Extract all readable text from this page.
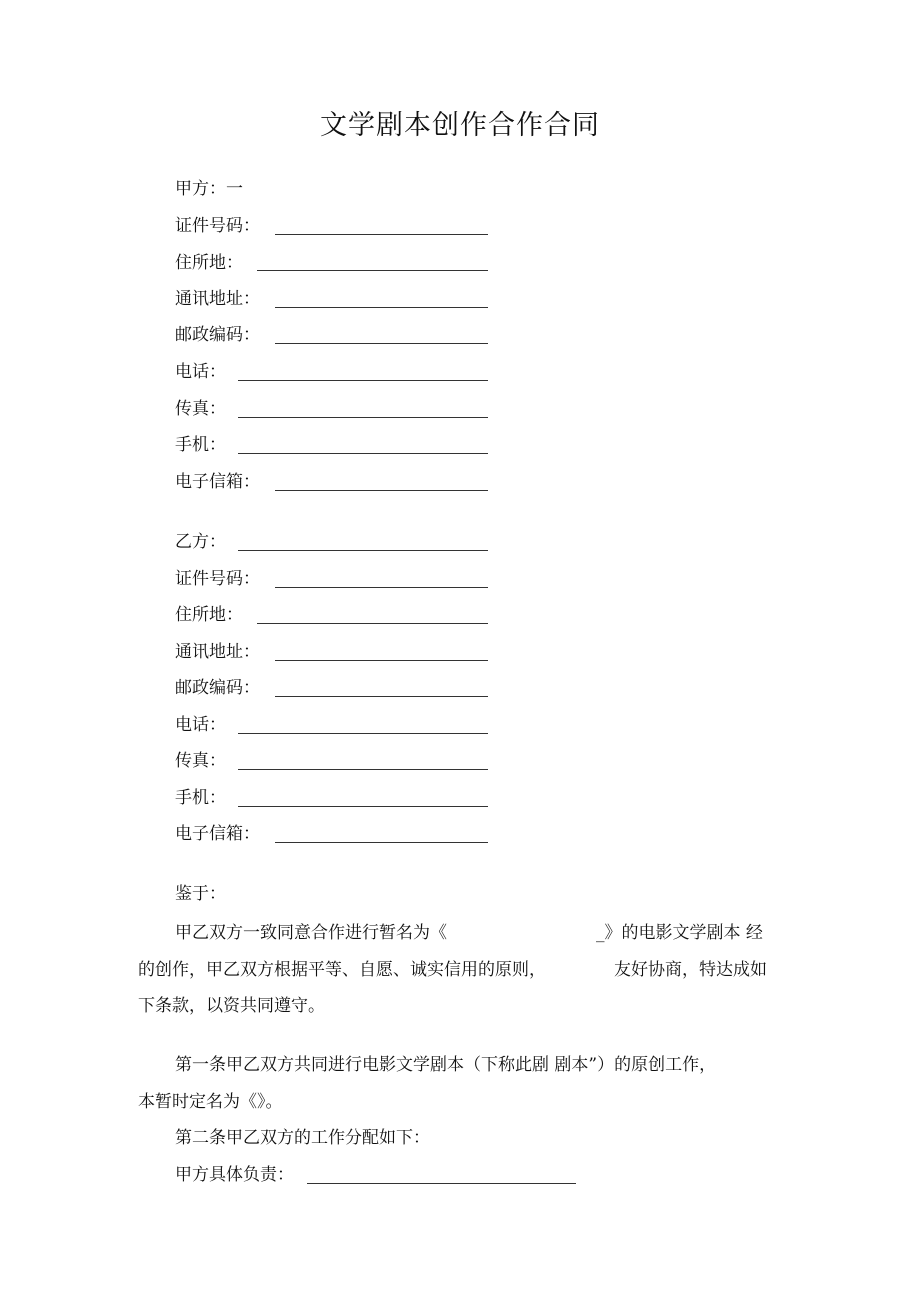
文学剧本创作合作合同
甲方：一
证件号码：
住所地：
通讯地址：
邮政编码：
电话：
传真：
手机：
电子信箱：
乙方：
证件号码：
住所地：
通讯地址：
邮政编码：
电话：
传真：
手机：
电子信箱：
鉴于：
甲乙双方一致同意合作进行暂名为《	_》的电影文学剧本 经
的创作，甲乙双方根据平等、自愿、诚实信用的原则，	友好协商，特达成如
下条款，以资共同遵守。
第一条甲乙双方共同进行电影文学剧本（下称此剧 剧本”）的原创工作，
本暂时定名为《》。
第二条甲乙双方的工作分配如下：
甲方具体负责：
